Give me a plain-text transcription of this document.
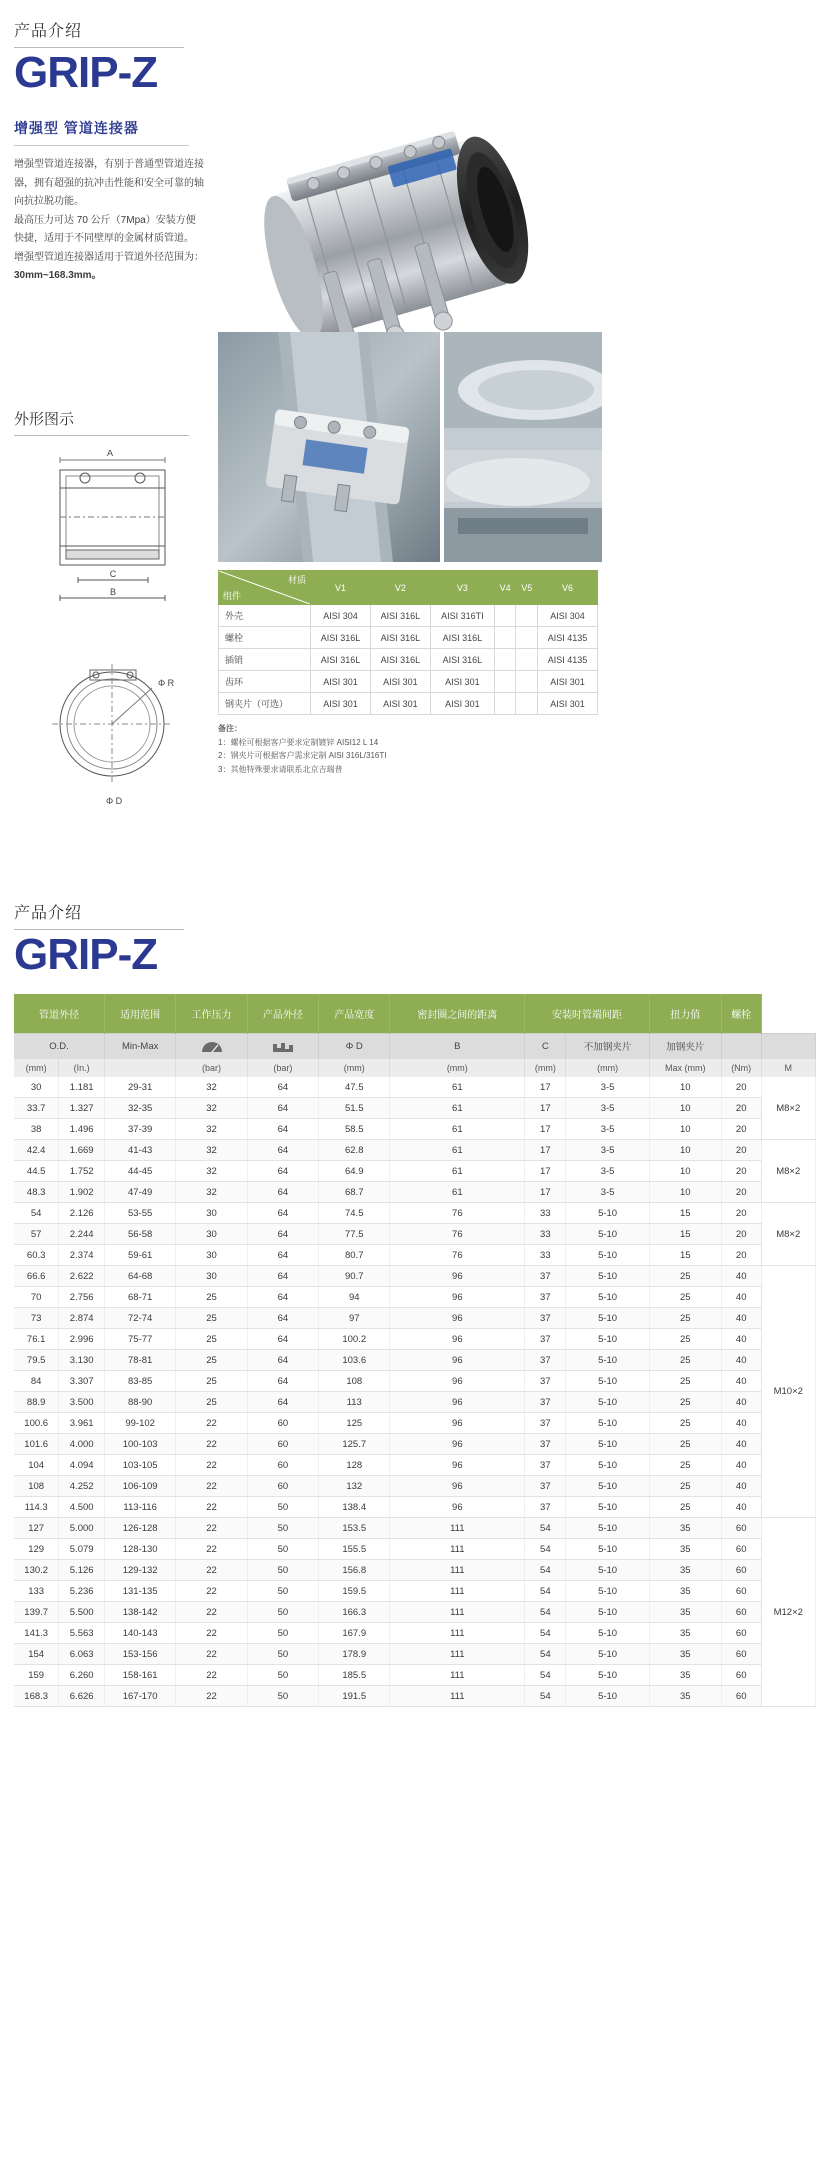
产品介绍
GRIP-Z
增强型 管道连接器
增强型管道连接器，有别于普通型管道连接器，拥有超强的抗冲击性能和安全可靠的轴向抗拉脱功能。
最高压力可达 70 公斤（7Mpa）安装方便快捷，适用于不同壁厚的金属材质管道。
增强型管道连接器适用于管道外径范围为：
30mm~168.3mm。
外形图示
A
C
B

Φ R
Φ D
材质
组件	V1	V2	V3	V4	V5	V6
外壳	AISI 304	AISI 316L	AISI 316TI			AISI 304
螺栓	AISI 316L	AISI 316L	AISI 316L			AISI 4135
插销	AISI 316L	AISI 316L	AISI 316L			AISI 4135
齿环	AISI 301	AISI 301	AISI 301			AISI 301
钢夹片（可选）	AISI 301	AISI 301	AISI 301			AISI 301
备注：
1：螺栓可根据客户要求定制镀锌 AISI12 L 14
2：钢夹片可根据客户需求定制 AISI 316L/316TI
3：其他特殊要求请联系北京吉瑞普
产品介绍
GRIP-Z
管道外径		适用范围	工作压力	产品外径	产品宽度	密封圈之间的距离	安装时管端间距		扭力值	螺栓	
O.D.		Min-Max			Φ D	B	C	不加钢夹片	加钢夹片		
(mm)	(In.)		(bar)	(bar)	(mm)	(mm)	(mm)	(mm)	Max (mm)	(Nm)	M
30	1.181	29-31	32	64	47.5	61	17	3-5	10	20	M8×2
33.7	1.327	32-35	32	64	51.5	61	17	3-5	10	20	
38	1.496	37-39	32	64	58.5	61	17	3-5	10	20	
42.4	1.669	41-43	32	64	62.8	61	17	3-5	10	20	M8×2
44.5	1.752	44-45	32	64	64.9	61	17	3-5	10	20	
48.3	1.902	47-49	32	64	68.7	61	17	3-5	10	20	
54	2.126	53-55	30	64	74.5	76	33	5-10	15	20	M8×2
57	2.244	56-58	30	64	77.5	76	33	5-10	15	20	
60.3	2.374	59-61	30	64	80.7	76	33	5-10	15	20	
66.6	2.622	64-68	30	64	90.7	96	37	5-10	25	40	M10×2
70	2.756	68-71	25	64	94	96	37	5-10	25	40	
73	2.874	72-74	25	64	97	96	37	5-10	25	40	
76.1	2.996	75-77	25	64	100.2	96	37	5-10	25	40	
79.5	3.130	78-81	25	64	103.6	96	37	5-10	25	40	
84	3.307	83-85	25	64	108	96	37	5-10	25	40	
88.9	3.500	88-90	25	64	113	96	37	5-10	25	40	
100.6	3.961	99-102	22	60	125	96	37	5-10	25	40	
101.6	4.000	100-103	22	60	125.7	96	37	5-10	25	40	
104	4.094	103-105	22	60	128	96	37	5-10	25	40	
108	4.252	106-109	22	60	132	96	37	5-10	25	40	
114.3	4.500	113-116	22	50	138.4	96	37	5-10	25	40	
127	5.000	126-128	22	50	153.5	111	54	5-10	35	60	M12×2
129	5.079	128-130	22	50	155.5	111	54	5-10	35	60	
130.2	5.126	129-132	22	50	156.8	111	54	5-10	35	60	
133	5.236	131-135	22	50	159.5	111	54	5-10	35	60	
139.7	5.500	138-142	22	50	166.3	111	54	5-10	35	60	
141.3	5.563	140-143	22	50	167.9	111	54	5-10	35	60	
154	6.063	153-156	22	50	178.9	111	54	5-10	35	60	
159	6.260	158-161	22	50	185.5	111	54	5-10	35	60	
168.3	6.626	167-170	22	50	191.5	111	54	5-10	35	60	
